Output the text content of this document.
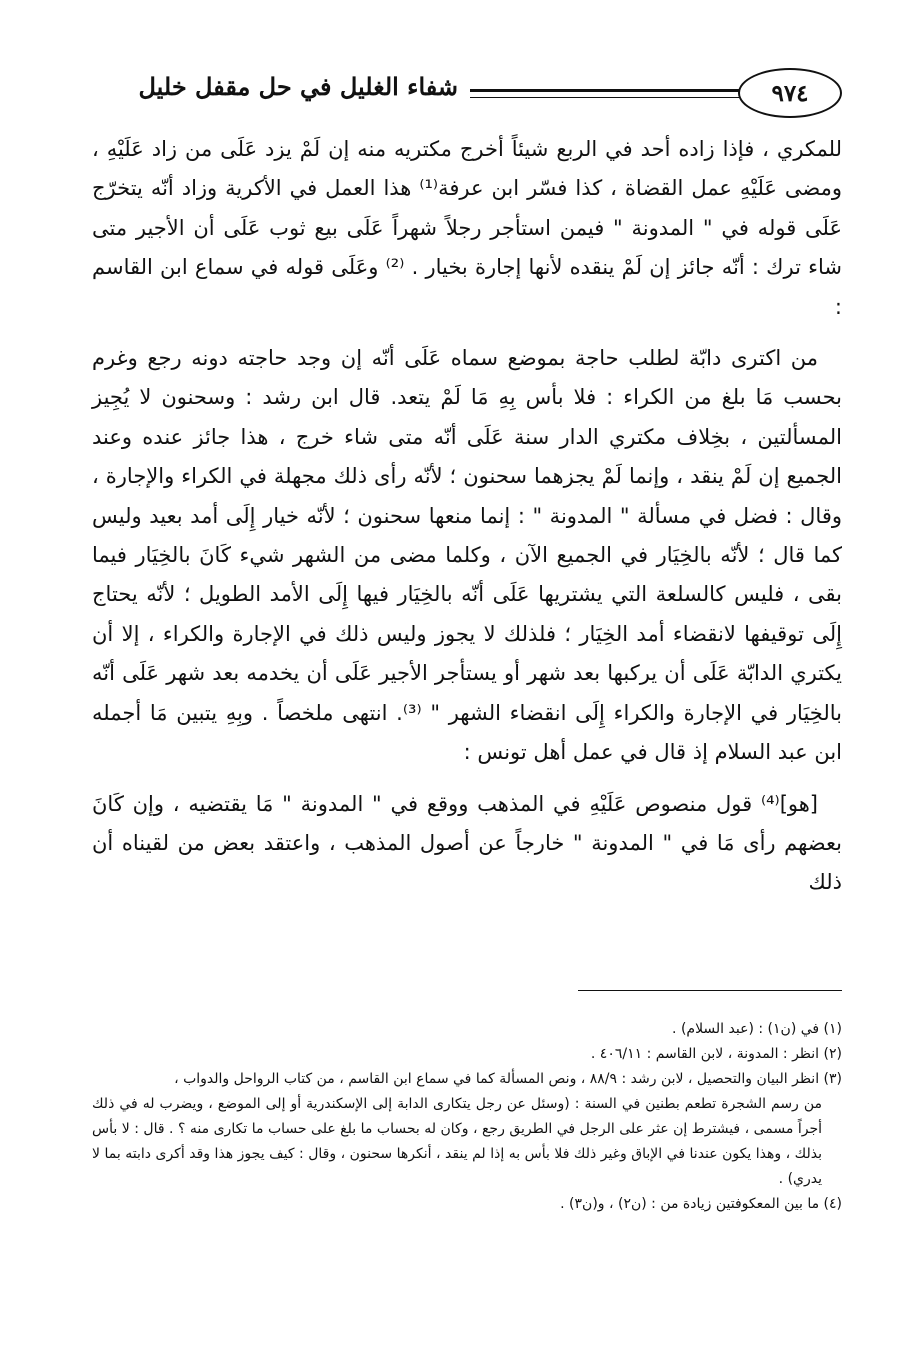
٩٧٤
شفاء الغليل في حل مقفل خليل

للمكري ، فإذا زاده أحد في الربع شيئاً أخرج مكتريه منه إن لَمْ يزد عَلَى من زاد عَلَيْهِ ، ومضى عَلَيْهِ عمل القضاة ، كذا فسّر ابن عرفة⁽¹⁾ هذا العمل في الأكرية وزاد أنّه يتخرّج عَلَى قوله في " المدونة " فيمن استأجر رجلاً شهراً عَلَى بيع ثوب عَلَى أن الأجير متى شاء ترك : أنّه جائز إن لَمْ ينقده لأنها إجارة بخيار . ⁽²⁾ وعَلَى قوله في سماع ابن القاسم :

من اكترى دابّة لطلب حاجة بموضع سماه عَلَى أنّه إن وجد حاجته دونه رجع وغرم بحسب مَا بلغ من الكراء : فلا بأس بِهِ مَا لَمْ يتعد. قال ابن رشد : وسحنون لا يُجِيز المسألتين ، بخِلاف مكتري الدار سنة عَلَى أنّه متى شاء خرج ، هذا جائز عنده وعند الجميع إن لَمْ ينقد ، وإنما لَمْ يجزهما سحنون ؛ لأنّه رأى ذلك مجهلة في الكراء والإجارة ، وقال : فضل في مسألة " المدونة " : إنما منعها سحنون ؛ لأنّه خيار إِلَى أمد بعيد وليس كما قال ؛ لأنّه بالخِيَار في الجميع الآن ، وكلما مضى من الشهر شيء كَانَ بالخِيَار فيما بقى ، فليس كالسلعة التي يشتريها عَلَى أنّه بالخِيَار فيها إِلَى الأمد الطويل ؛ لأنّه يحتاج إِلَى توقيفها لانقضاء أمد الخِيَار ؛ فلذلك لا يجوز وليس ذلك في الإجارة والكراء ، إلا أن يكتري الدابّة عَلَى أن يركبها بعد شهر أو يستأجر الأجير عَلَى أن يخدمه بعد شهر عَلَى أنّه بالخِيَار في الإجارة والكراء إِلَى انقضاء الشهر " ⁽³⁾. انتهى ملخصاً . وبِهِ يتبين مَا أجمله ابن عبد السلام إذ قال في عمل أهل تونس :

[هو]⁽⁴⁾ قول منصوص عَلَيْهِ في المذهب ووقع في " المدونة " مَا يقتضيه ، وإن كَانَ بعضهم رأى مَا في " المدونة " خارجاً عن أصول المذهب ، واعتقد بعض من لقيناه أن ذلك

(١) في (ن١) : (عبد السلام) .

(٢) انظر : المدونة ، لابن القاسم : ٤٠٦/١١ .

(٣) انظر البيان والتحصيل ، لابن رشد : ٨٨/٩ ، ونص المسألة كما في سماع ابن القاسم ، من كتاب الرواحل والدواب ،

من رسم الشجرة تطعم بطنين في السنة : (وسئل عن رجل يتكارى الدابة إلى الإسكندرية أو إلى الموضع ، ويضرب له في ذلك أجراً مسمى ، فيشترط إن عثر على الرجل في الطريق رجع ، وكان له بحساب ما بلغ على حساب ما تكارى منه ؟ . قال : لا بأس بذلك ، وهذا يكون عندنا في الإباق وغير ذلك فلا بأس به إذا لم ينقد ، أنكرها سحنون ، وقال : كيف يجوز هذا وقد أكرى دابته بما لا يدري) .

(٤) ما بين المعكوفتين زيادة من : (ن٢) ، و(ن٣) .
